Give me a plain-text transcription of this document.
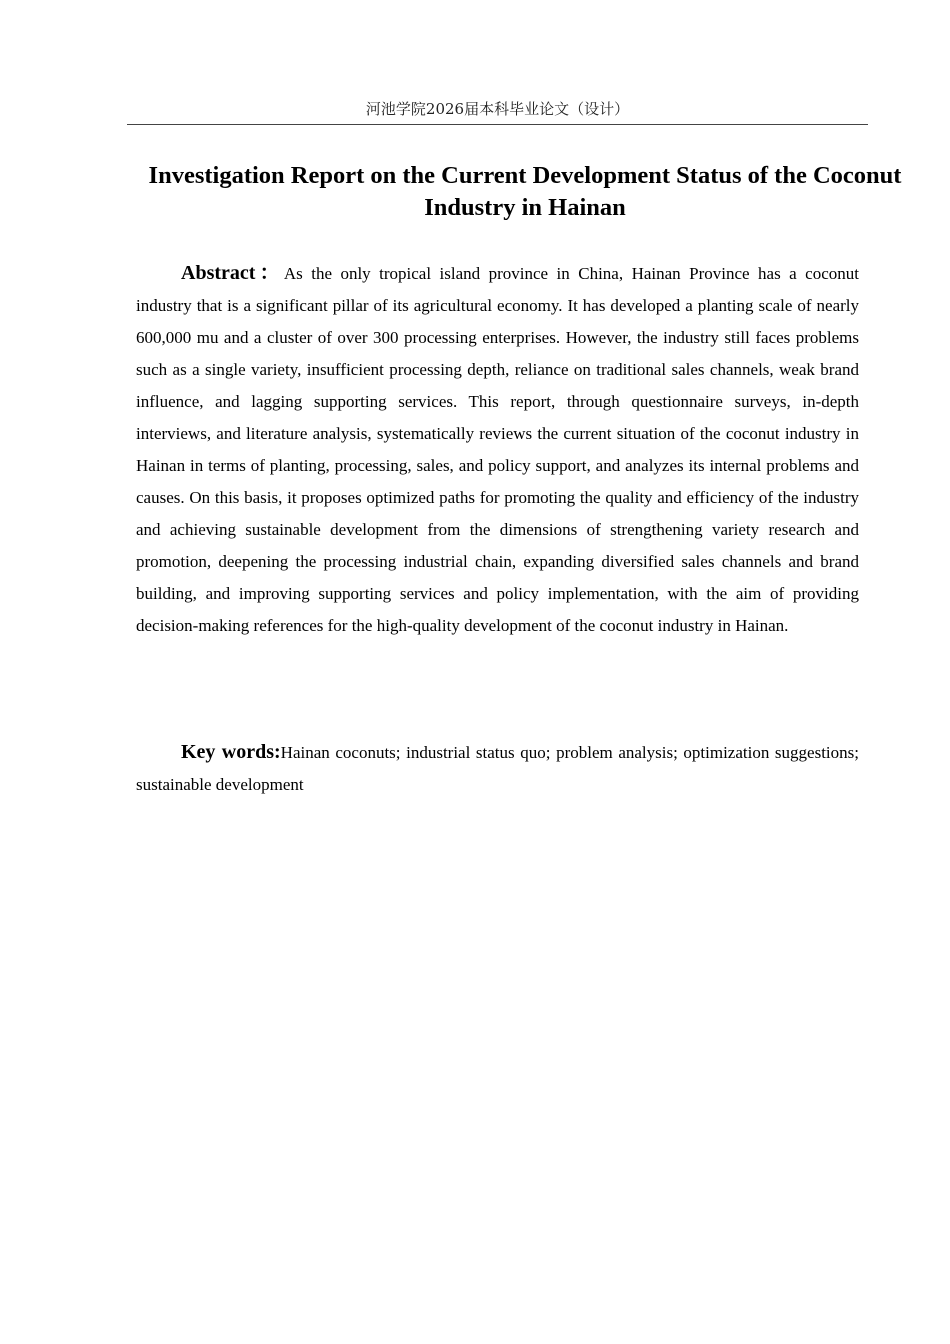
河池学院2026届本科毕业论文（设计）
Investigation Report on the Current Development Status of the Coconut Industry in Hainan

Abstract：As the only tropical island province in China, Hainan Province has a coconut industry that is a significant pillar of its agricultural economy. It has developed a planting scale of nearly 600,000 mu and a cluster of over 300 processing enterprises. However, the industry still faces problems such as a single variety, insufficient processing depth, reliance on traditional sales channels, weak brand influence, and lagging supporting services. This report, through questionnaire surveys, in-depth interviews, and literature analysis, systematically reviews the current situation of the coconut industry in Hainan in terms of planting, processing, sales, and policy support, and analyzes its internal problems and causes. On this basis, it proposes optimized paths for promoting the quality and efficiency of the industry and achieving sustainable development from the dimensions of strengthening variety research and promotion, deepening the processing industrial chain, expanding diversified sales channels and brand building, and improving supporting services and policy implementation, with the aim of providing decision-making references for the high-quality development of the coconut industry in Hainan.

Key words:Hainan coconuts; industrial status quo; problem analysis; optimization suggestions; sustainable development
